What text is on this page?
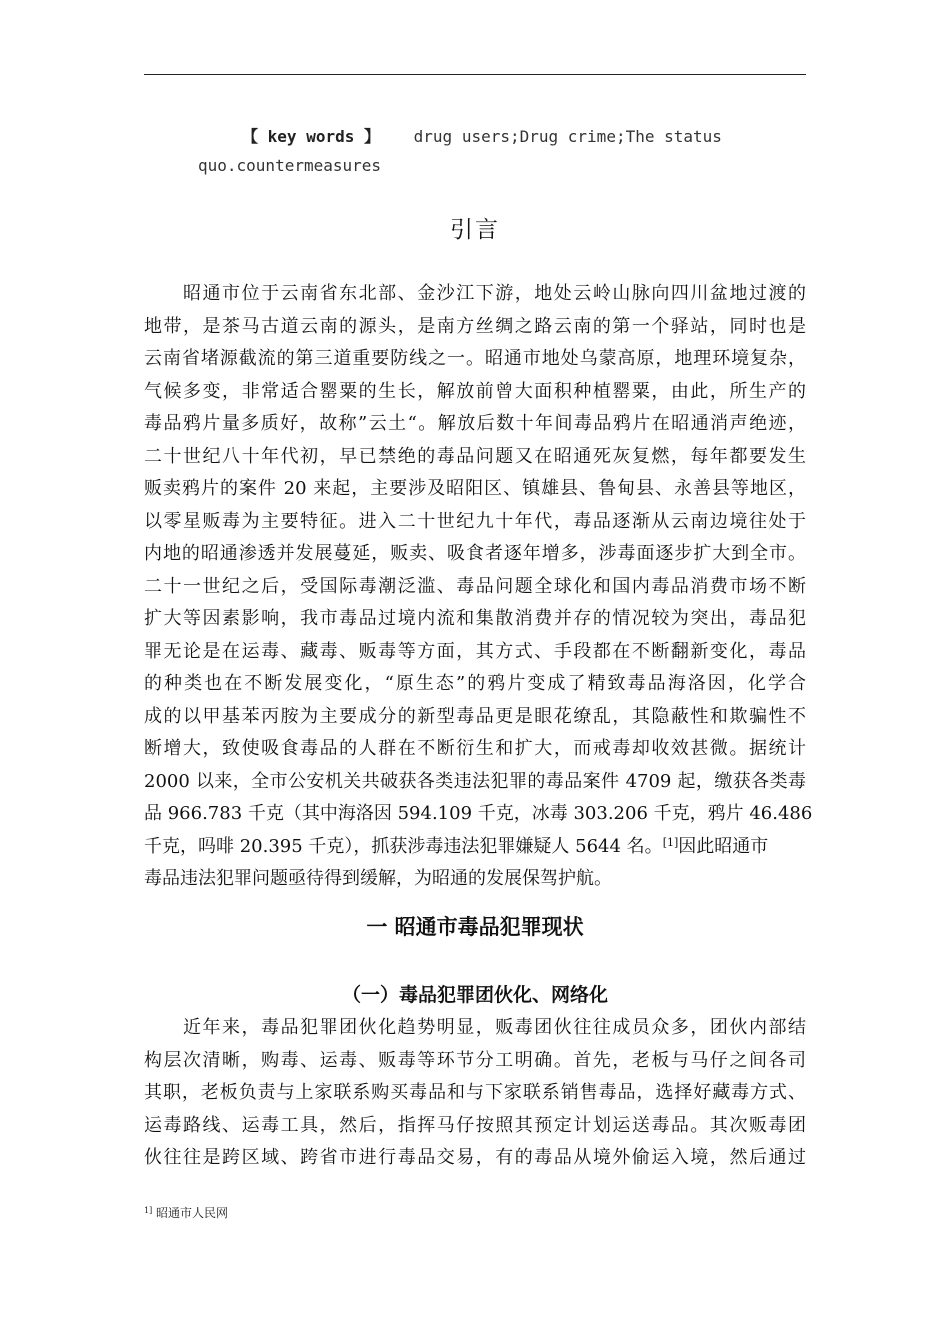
【 key words 】 drug users;Drug crime;The status
quo.countermeasures
引言
昭通市位于云南省东北部、金沙江下游，地处云岭山脉向四川盆地过渡的
地带，是茶马古道云南的源头，是南方丝绸之路云南的第一个驿站，同时也是
云南省堵源截流的第三道重要防线之一。昭通市地处乌蒙高原，地理环境复杂，
气候多变，非常适合罂粟的生长，解放前曾大面积种植罂粟，由此，所生产的
毒品鸦片量多质好，故称”云土“。解放后数十年间毒品鸦片在昭通消声绝迹，
二十世纪八十年代初，早已禁绝的毒品问题又在昭通死灰复燃，每年都要发生
贩卖鸦片的案件 20 来起，主要涉及昭阳区、镇雄县、鲁甸县、永善县等地区，
以零星贩毒为主要特征。进入二十世纪九十年代，毒品逐渐从云南边境往处于
内地的昭通渗透并发展蔓延，贩卖、吸食者逐年增多，涉毒面逐步扩大到全市。
二十一世纪之后，受国际毒潮泛滥、毒品问题全球化和国内毒品消费市场不断
扩大等因素影响，我市毒品过境内流和集散消费并存的情况较为突出，毒品犯
罪无论是在运毒、藏毒、贩毒等方面，其方式、手段都在不断翻新变化，毒品
的种类也在不断发展变化，“原生态”的鸦片变成了精致毒品海洛因，化学合
成的以甲基苯丙胺为主要成分的新型毒品更是眼花缭乱，其隐蔽性和欺骗性不
断增大，致使吸食毒品的人群在不断衍生和扩大，而戒毒却收效甚微。据统计
2000 以来，全市公安机关共破获各类违法犯罪的毒品案件 4709 起，缴获各类毒
品 966.783 千克（其中海洛因 594.109 千克，冰毒 303.206 千克，鸦片 46.486
千克，吗啡 20.395 千克），抓获涉毒违法犯罪嫌疑人 5644 名。[1]因此昭通市
毒品违法犯罪问题亟待得到缓解，为昭通的发展保驾护航。
一 昭通市毒品犯罪现状
（一）毒品犯罪团伙化、网络化
近年来，毒品犯罪团伙化趋势明显，贩毒团伙往往成员众多，团伙内部结
构层次清晰，购毒、运毒、贩毒等环节分工明确。首先，老板与马仔之间各司
其职，老板负责与上家联系购买毒品和与下家联系销售毒品，选择好藏毒方式、
运毒路线、运毒工具，然后，指挥马仔按照其预定计划运送毒品。其次贩毒团
伙往往是跨区域、跨省市进行毒品交易，有的毒品从境外偷运入境，然后通过
$^{1]}$ 昭通市人民网
